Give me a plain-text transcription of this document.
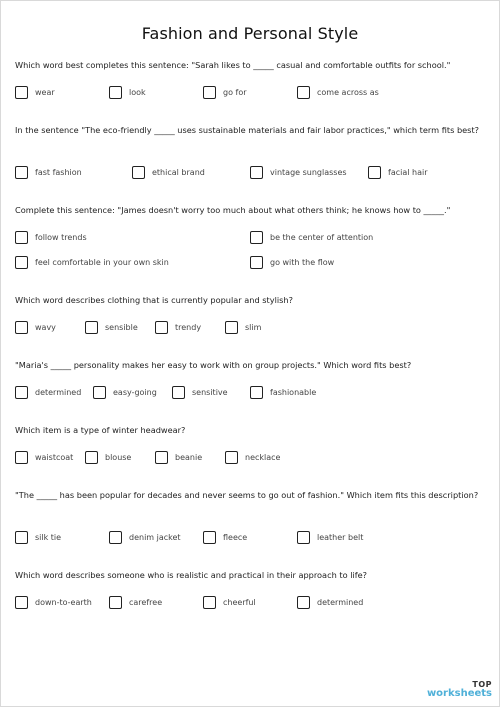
Fashion and Personal Style
Which word best completes this sentence: "Sarah likes to _____ casual and comfortable outfits for school."
wear	look	go for	come across as
In the sentence "The eco-friendly _____ uses sustainable materials and fair labor practices," which term fits best?
fast fashion	ethical brand	vintage sunglasses	facial hair
Complete this sentence: "James doesn't worry too much about what others think; he knows how to _____."
follow trends	be the center of attention
feel comfortable in your own skin	go with the flow
Which word describes clothing that is currently popular and stylish?
wavy	sensible	trendy	slim
"Maria's _____ personality makes her easy to work with on group projects." Which word fits best?
determined	easy-going	sensitive	fashionable
Which item is a type of winter headwear?
waistcoat	blouse	beanie	necklace
"The _____ has been popular for decades and never seems to go out of fashion." Which item fits this description?
silk tie	denim jacket	fleece	leather belt
Which word describes someone who is realistic and practical in their approach to life?
down-to-earth	carefree	cheerful	determined
TOP
worksheets
